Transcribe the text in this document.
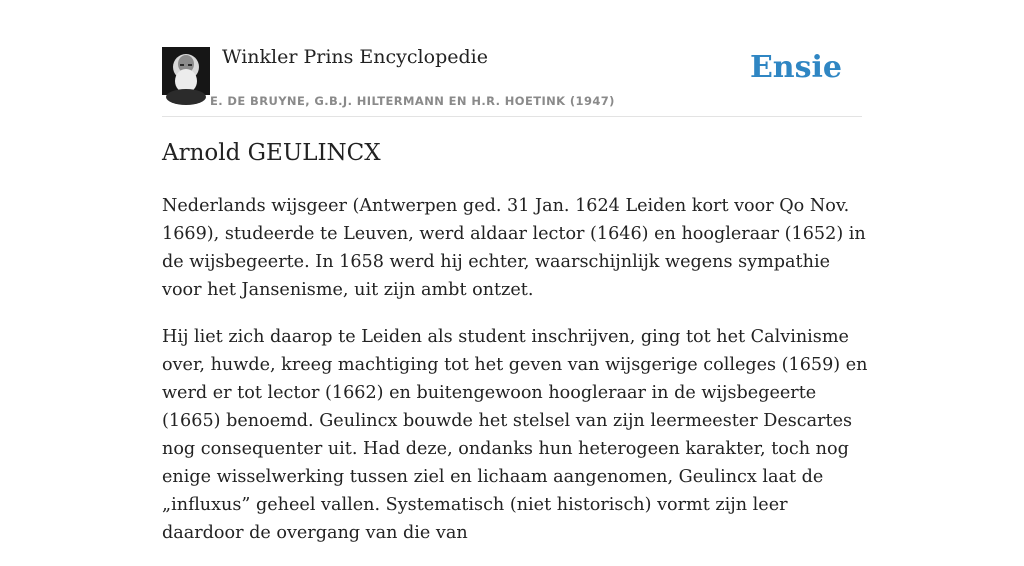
Winkler Prins Encyclopedie
E. DE BRUYNE, G.B.J. HILTERMANN EN H.R. HOETINK (1947)
Ensie
Arnold GEULINCX

Nederlands wijsgeer (Antwerpen ged. 31 Jan. 1624 Leiden kort voor Qo Nov. 1669), studeerde te Leuven, werd aldaar lector (1646) en hoogleraar (1652) in de wijsbegeerte. In 1658 werd hij echter, waarschijnlijk wegens sympathie voor het Jansenisme, uit zijn ambt ontzet.

Hij liet zich daarop te Leiden als student inschrijven, ging tot het Calvinisme over, huwde, kreeg machtiging tot het geven van wijsgerige colleges (1659) en werd er tot lector (1662) en buitengewoon hoogleraar in de wijsbegeerte (1665) benoemd. Geulincx bouwde het stelsel van zijn leermeester Descartes nog consequenter uit. Had deze, ondanks hun heterogeen karakter, toch nog enige wisselwerking tussen ziel en lichaam aangenomen, Geulincx laat de „influxus” geheel vallen. Systematisch (niet historisch) vormt zijn leer daardoor de overgang van die van
